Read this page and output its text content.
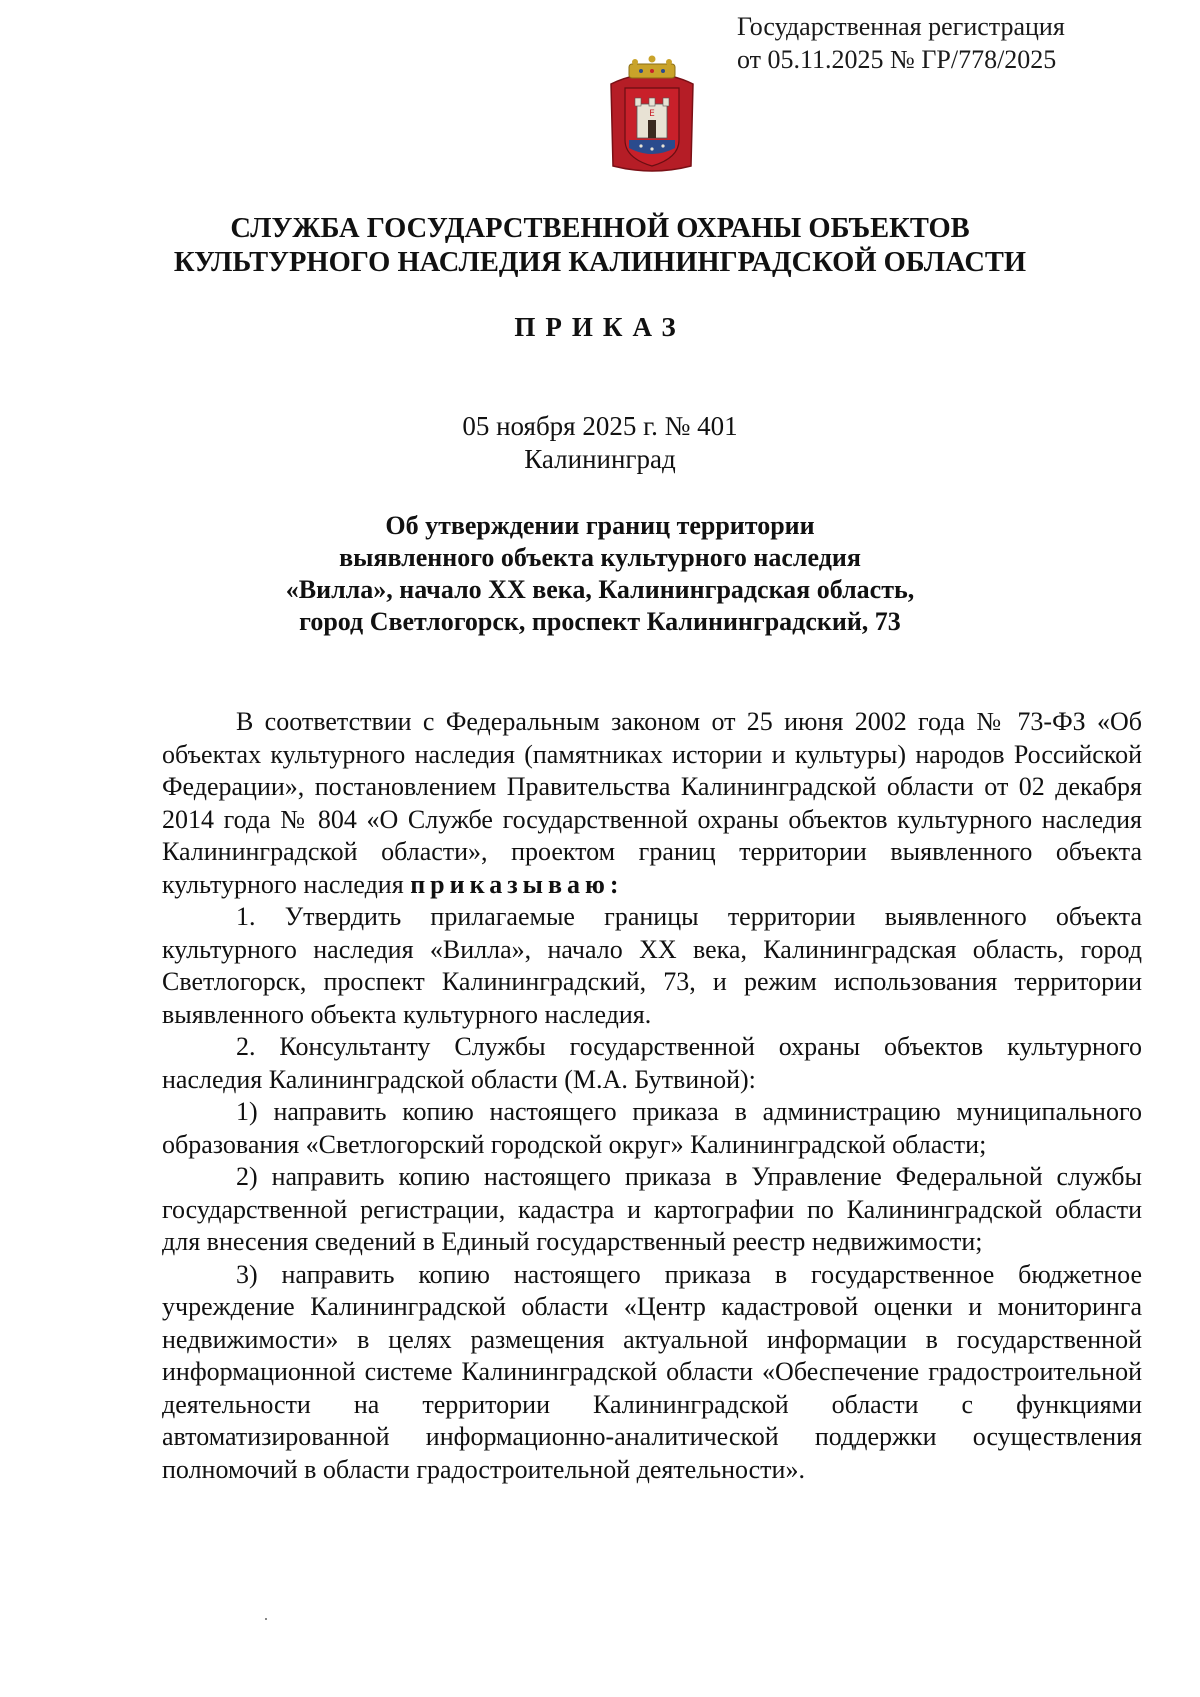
Государственная регистрация
от 05.11.2025 № ГР/778/2025
Е
СЛУЖБА ГОСУДАРСТВЕННОЙ ОХРАНЫ ОБЪЕКТОВ
КУЛЬТУРНОГО НАСЛЕДИЯ КАЛИНИНГРАДСКОЙ ОБЛАСТИ
ПРИКАЗ
05 ноября 2025 г. № 401
Калининград
Об утверждении границ территории
выявленного объекта культурного наследия
«Вилла», начало XX века, Калининградская область,
город Светлогорск, проспект Калининградский, 73

В соответствии с Федеральным законом от 25 июня 2002 года № 73-ФЗ «Об объектах культурного наследия (памятниках истории и культуры) народов Российской Федерации», постановлением Правительства Калининградской области от 02 декабря 2014 года № 804 «О Службе государственной охраны объектов культурного наследия Калининградской области», проектом границ территории выявленного объекта культурного наследия приказываю:

1. Утвердить прилагаемые границы территории выявленного объекта культурного наследия «Вилла», начало XX века, Калининградская область, город Светлогорск, проспект Калининградский, 73, и режим использования территории выявленного объекта культурного наследия.

2. Консультанту Службы государственной охраны объектов культурного наследия Калининградской области (М.А. Бутвиной):

1) направить копию настоящего приказа в администрацию муниципального образования «Светлогорский городской округ» Калининградской области;

2) направить копию настоящего приказа в Управление Федеральной службы государственной регистрации, кадастра и картографии по Калининградской области для внесения сведений в Единый государственный реестр недвижимости;

3) направить копию настоящего приказа в государственное бюджетное учреждение Калининградской области «Центр кадастровой оценки и мониторинга недвижимости» в целях размещения актуальной информации в государственной информационной системе Калининградской области «Обеспечение градостроительной деятельности на территории Калининградской области с функциями автоматизированной информационно-аналитической поддержки осуществления полномочий в области градостроительной деятельности».
